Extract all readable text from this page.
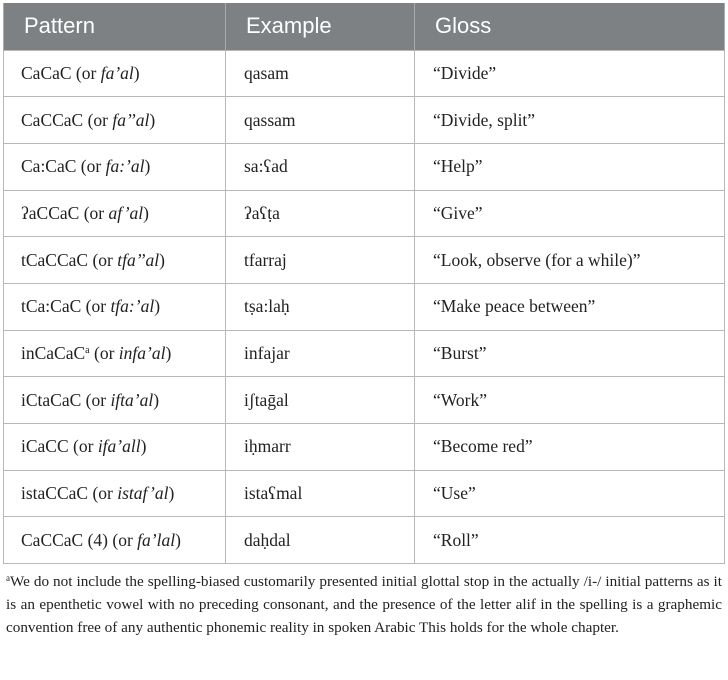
Pattern	Example	Gloss
CaCaC (or fa’al)	qasam	“Divide”
CaCCaC (or fa’’al)	qassam	“Divide, split”
Ca:CaC (or fa:’al)	sa:ʕad	“Help”
ʔaCCaC (or af’al)	ʔaʕṭa	“Give”
tCaCCaC (or tfa’’al)	tfarraj	“Look, observe (for a while)”
tCa:CaC (or tfa:’al)	tṣa:laḥ	“Make peace between”
inCaCaC$^a$ (or infa’al)	infajar	“Burst”
iCtaCaC (or ifta’al)	iʃtaḡal	“Work”
iCaCC (or ifa’all)	iḥmarr	“Become red”
istaCCaC (or istaf’al)	istaʕmal	“Use”
CaCCaC (4) (or fa’lal)	daḥdal	“Roll”
$^a$We do not include the spelling-biased customarily presented initial glottal stop in the actually /i-/ initial patterns as it is an epenthetic vowel with no preceding consonant, and the presence of the letter alif in the spelling is a graphemic convention free of any authentic phonemic reality in spoken Arabic This holds for the whole chapter.
